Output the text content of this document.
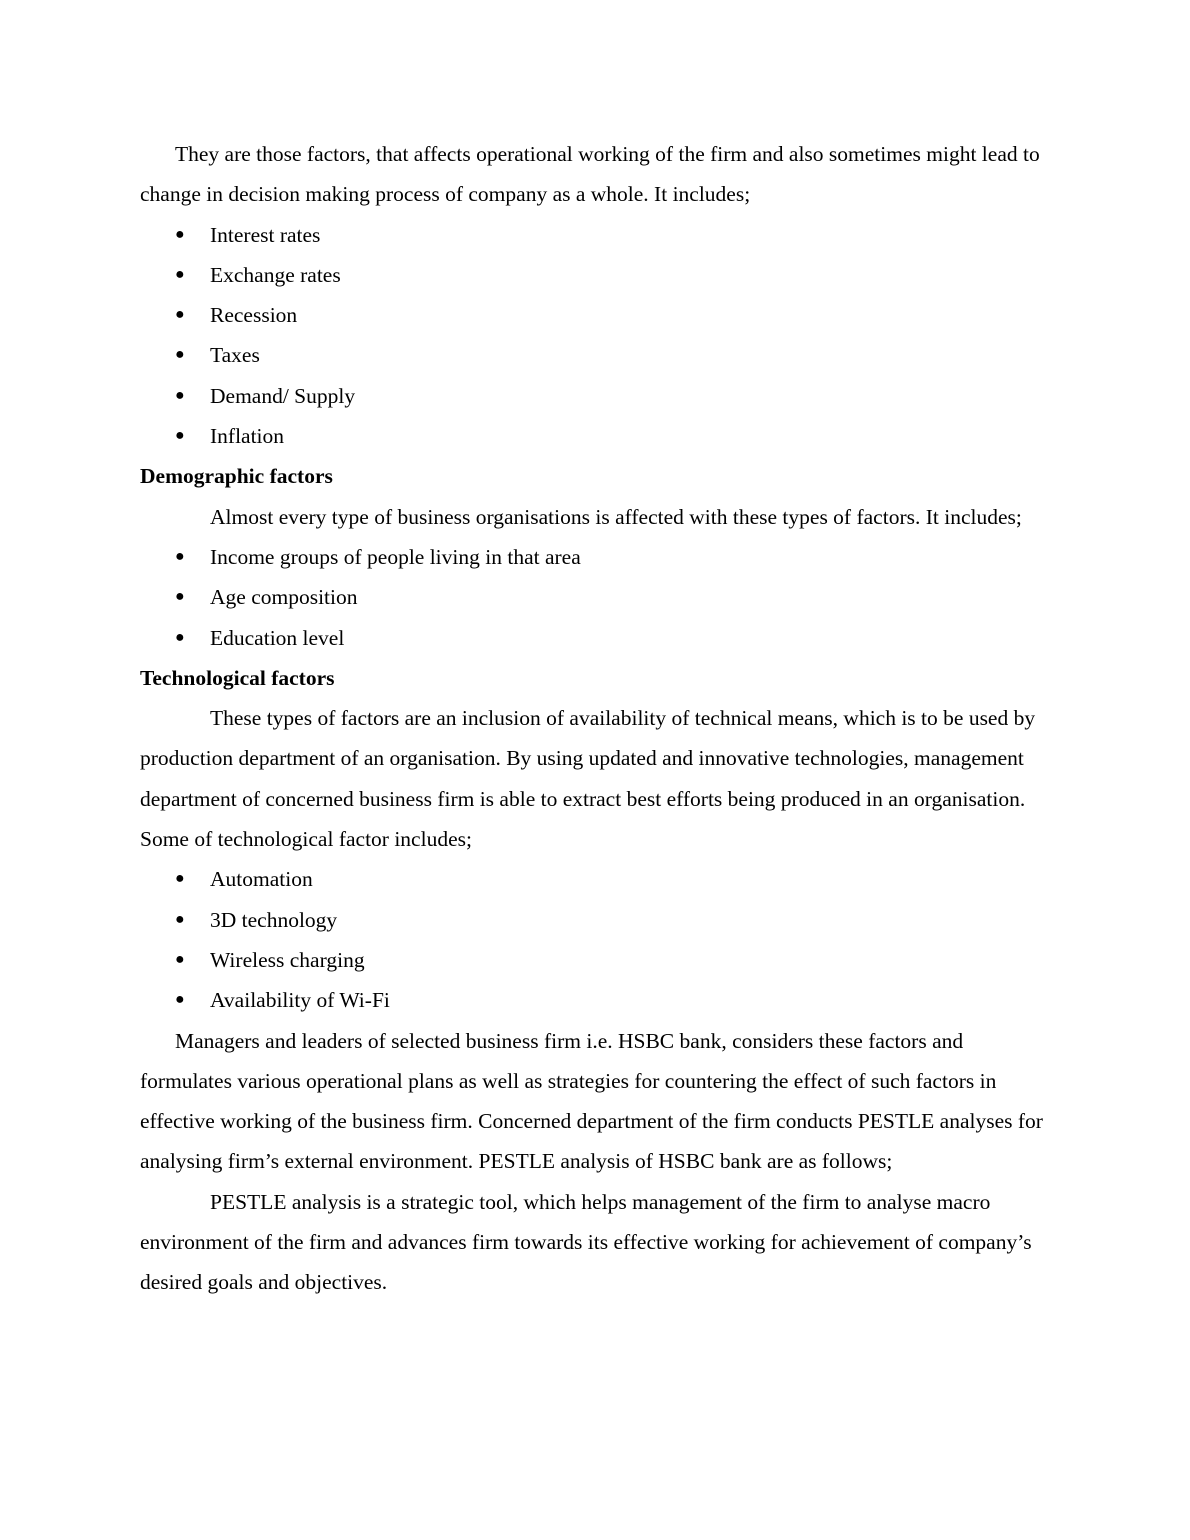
They are those factors, that affects operational working of the firm and also sometimes might lead to change in decision making process of company as a whole. It includes;

●	Interest rates
●	Exchange rates
●	Recession
●	Taxes
●	Demand/ Supply
●	Inflation

Demographic factors

Almost every type of business organisations is affected with these types of factors. It includes;

●	Income groups of people living in that area
●	Age composition
●	Education level

Technological factors

These types of factors are an inclusion of availability of technical means, which is to be used by production department of an organisation. By using updated and innovative technologies, management department of concerned business firm is able to extract best efforts being produced in an organisation. Some of technological factor includes;

●	Automation
●	3D technology
●	Wireless charging
●	Availability of Wi-Fi

Managers and leaders of selected business firm i.e. HSBC bank, considers these factors and formulates various operational plans as well as strategies for countering the effect of such factors in effective working of the business firm. Concerned department of the firm conducts PESTLE analyses for analysing firm’s external environment. PESTLE analysis of HSBC bank are as follows;

PESTLE analysis is a strategic tool, which helps management of the firm to analyse macro environment of the firm and advances firm towards its effective working for achievement of company’s desired goals and objectives.
